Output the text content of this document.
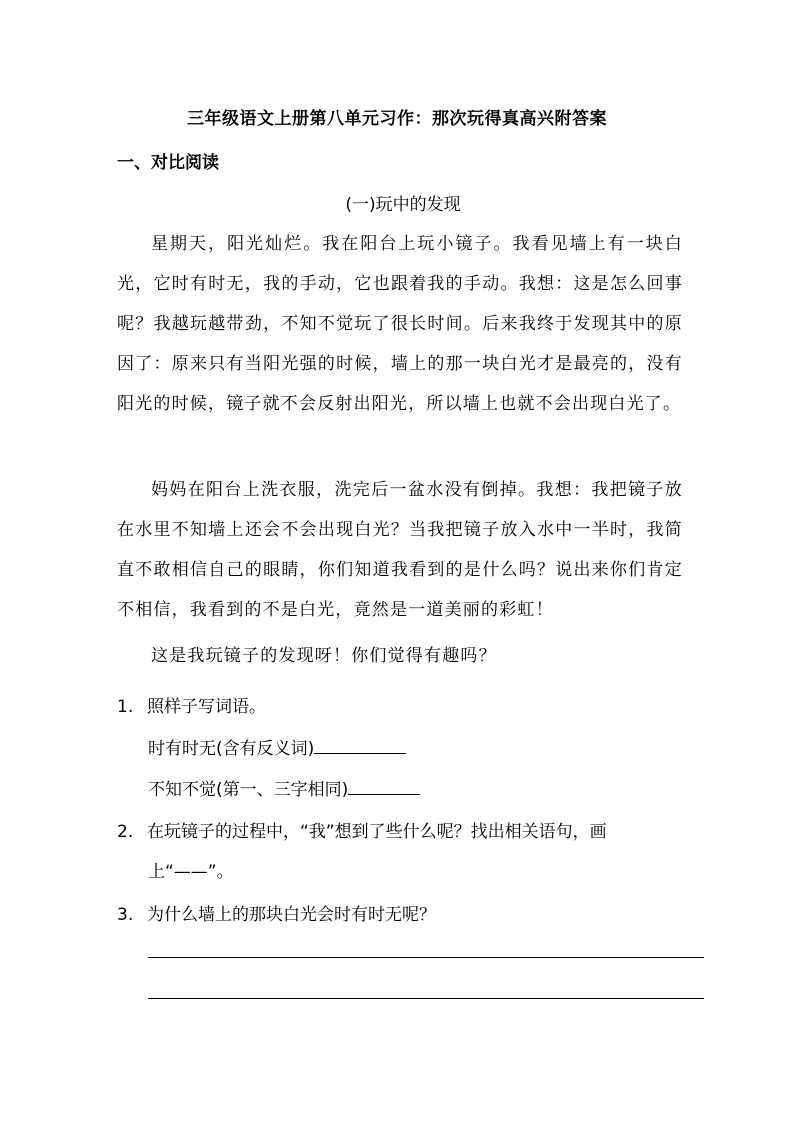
三年级语文上册第八单元习作：那次玩得真高兴附答案
一、对比阅读
(一)玩中的发现
星期天，阳光灿烂。我在阳台上玩小镜子。我看见墙上有一块白光，它时有时无，我的手动，它也跟着我的手动。我想：这是怎么回事呢？我越玩越带劲，不知不觉玩了很长时间。后来我终于发现其中的原因了：原来只有当阳光强的时候，墙上的那一块白光才是最亮的，没有阳光的时候，镜子就不会反射出阳光，所以墙上也就不会出现白光了。
妈妈在阳台上洗衣服，洗完后一盆水没有倒掉。我想：我把镜子放在水里不知墙上还会不会出现白光？当我把镜子放入水中一半时，我简直不敢相信自己的眼睛，你们知道我看到的是什么吗？说出来你们肯定不相信，我看到的不是白光，竟然是一道美丽的彩虹！
这是我玩镜子的发现呀！你们觉得有趣吗？
1. 照样子写词语。
时有时无(含有反义词)
不知不觉(第一、三字相同)
2. 在玩镜子的过程中，“我”想到了些什么呢？找出相关语句，画
上“——”。
3. 为什么墙上的那块白光会时有时无呢？
